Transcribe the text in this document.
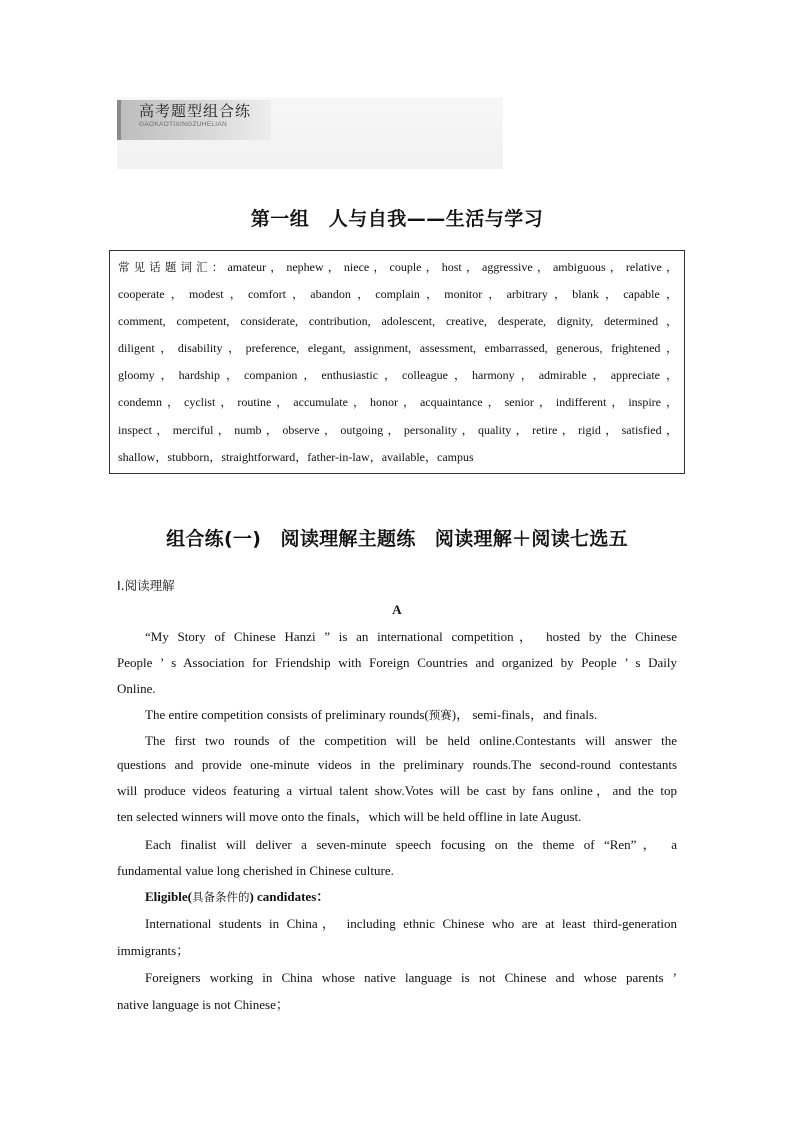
高考题型组合练
GAOKAOTIXINGZUHELIAN
第一组　人与自我——生活与学习
常见话题词汇：amateur，nephew，niece，couple，host，aggressive，ambiguous，relative，
cooperate，modest，comfort，abandon，complain，monitor，arbitrary，blank，capable，
comment, competent, considerate, contribution, adolescent, creative, desperate, dignity, determined，
diligent，disability，preference, elegant, assignment, assessment, embarrassed, generous, frightened，
gloomy，hardship，companion，enthusiastic，colleague，harmony，admirable，appreciate，
condemn，cyclist，routine，accumulate，honor，acquaintance，senior，indifferent，inspire，
inspect，merciful，numb，observe，outgoing，personality，quality，retire，rigid，satisfied，
shallow，stubborn，straightforward，father-in-law，available，campus
组合练(一)　阅读理解主题练　阅读理解＋阅读七选五
Ⅰ.阅读理解
A
“My Story of Chinese Hanzi ” is an international competition， hosted by the Chinese
People ’ s Association for Friendship with Foreign Countries and organized by People ’ s Daily
Online.
The entire competition consists of preliminary rounds(预赛)， semi-finals，and finals.
The first two rounds of the competition will be held online.Contestants will answer the
questions and provide one-minute videos in the preliminary rounds.The second-round contestants
will produce videos featuring a virtual talent show.Votes will be cast by fans online，and the top
ten selected winners will move onto the finals，which will be held offline in late August.
Each finalist will deliver a seven-minute speech focusing on the theme of “Ren”， a
fundamental value long cherished in Chinese culture.
Eligible(具备条件的) candidates：
International students in China， including ethnic Chinese who are at least third-generation
immigrants；
Foreigners working in China whose native language is not Chinese and whose parents ’
native language is not Chinese；
